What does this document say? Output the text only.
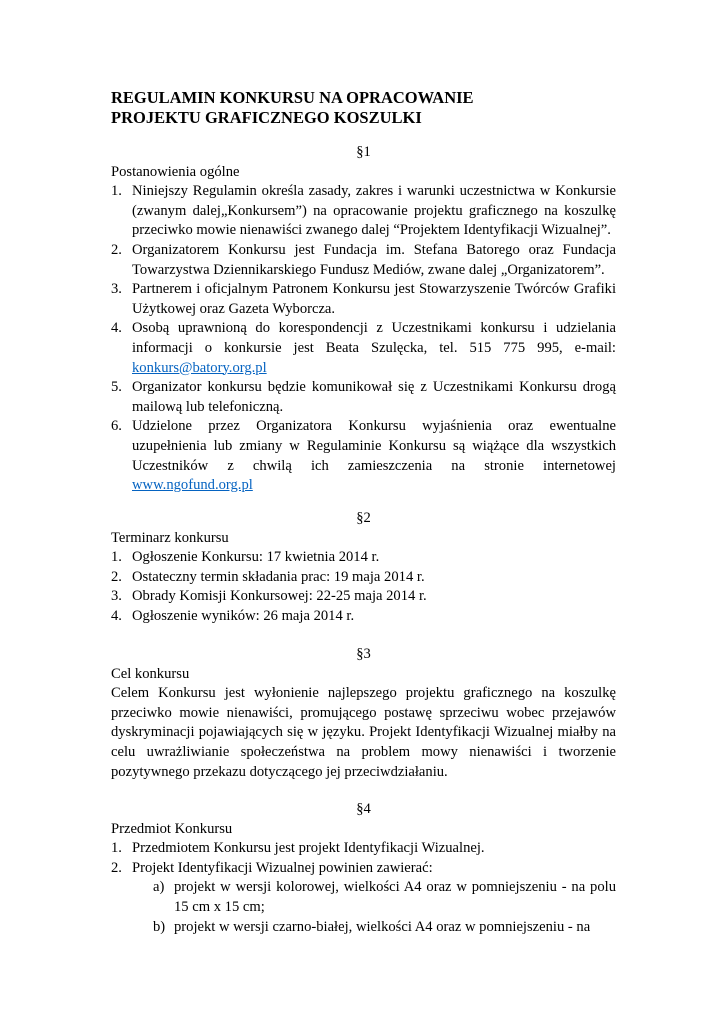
REGULAMIN KONKURSU NA OPRACOWANIE
PROJEKTU GRAFICZNEGO KOSZULKI
§1
Postanowienia ogólne
1. Niniejszy Regulamin określa zasady, zakres i warunki uczestnictwa w Konkursie (zwanym dalej„Konkursem”) na opracowanie projektu graficznego na koszulkę przeciwko mowie nienawiści zwanego dalej “Projektem Identyfikacji Wizualnej”.
2. Organizatorem Konkursu jest Fundacja im. Stefana Batorego oraz Fundacja Towarzystwa Dziennikarskiego Fundusz Mediów, zwane dalej „Organizatorem”.
3. Partnerem i oficjalnym Patronem Konkursu jest Stowarzyszenie Twórców Grafiki Użytkowej oraz Gazeta Wyborcza.
4. Osobą uprawnioną do korespondencji z Uczestnikami konkursu i udzielania informacji o konkursie jest Beata Szulęcka, tel. 515 775 995, e-mail: konkurs@batory.org.pl
5. Organizator konkursu będzie komunikował się z Uczestnikami Konkursu drogą mailową lub telefoniczną.
6. Udzielone przez Organizatora Konkursu wyjaśnienia oraz ewentualne uzupełnienia lub zmiany w Regulaminie Konkursu są wiążące dla wszystkich Uczestników z chwilą ich zamieszczenia na stronie internetowej www.ngofund.org.pl
§2
Terminarz konkursu
1. Ogłoszenie Konkursu: 17 kwietnia 2014 r.
2. Ostateczny termin składania prac: 19 maja 2014 r.
3. Obrady Komisji Konkursowej: 22-25 maja 2014 r.
4. Ogłoszenie wyników: 26 maja 2014 r.
§3
Cel konkursu
Celem Konkursu jest wyłonienie najlepszego projektu graficznego na koszulkę przeciwko mowie nienawiści, promującego postawę sprzeciwu wobec przejawów dyskryminacji pojawiających się w języku. Projekt Identyfikacji Wizualnej miałby na celu uwrażliwianie społeczeństwa na problem mowy nienawiści i tworzenie pozytywnego przekazu dotyczącego jej przeciwdziałaniu.
§4
Przedmiot Konkursu
1. Przedmiotem Konkursu jest projekt Identyfikacji Wizualnej.
2. Projekt Identyfikacji Wizualnej powinien zawierać:
a) projekt w wersji kolorowej, wielkości A4 oraz w pomniejszeniu - na polu 15 cm x 15 cm;
b) projekt w wersji czarno-białej, wielkości A4 oraz w pomniejszeniu - na
